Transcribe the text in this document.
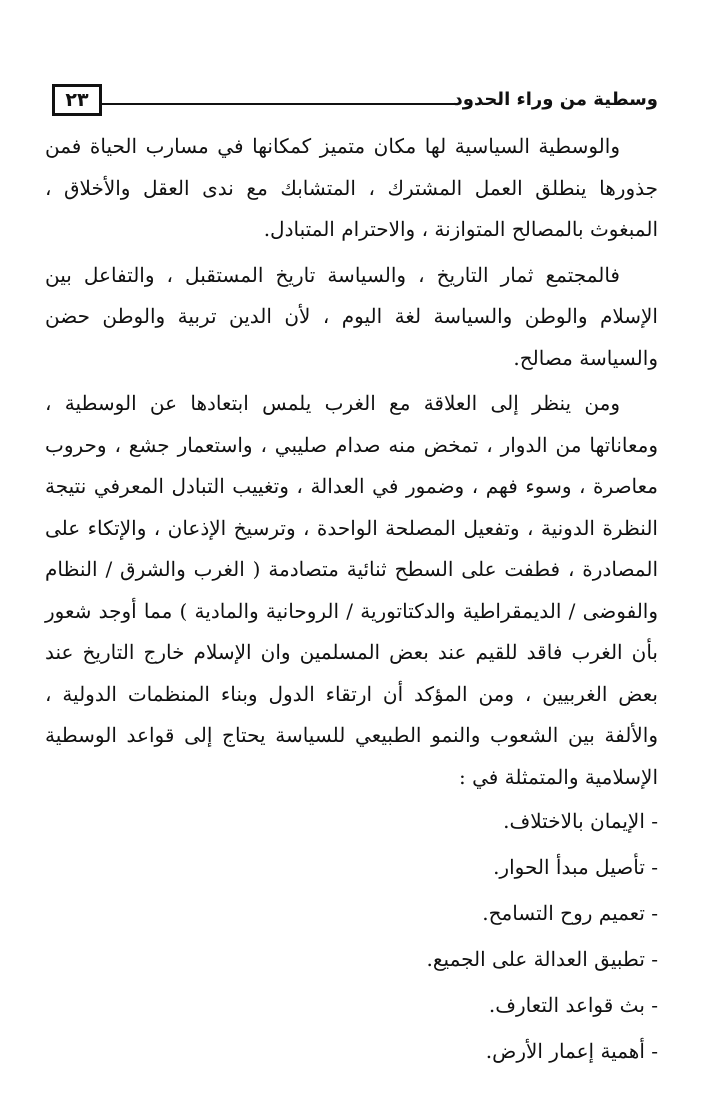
٢٣	وسطية من وراء الحدود

والوسطية السياسية لها مكان متميز كمكانها في مسارب الحياة فمن جذورها ينطلق العمل المشترك ، المتشابك مع ندى العقل والأخلاق ، المبغوث بالمصالح المتوازنة ، والاحترام المتبادل.

فالمجتمع ثمار التاريخ ، والسياسة تاريخ المستقبل ، والتفاعل بين الإسلام والوطن والسياسة لغة اليوم ، لأن الدين تربية والوطن حضن والسياسة مصالح.

ومن ينظر إلى العلاقة مع الغرب يلمس ابتعادها عن الوسطية ، ومعاناتها من الدوار ، تمخض منه صدام صليبي ، واستعمار جشع ، وحروب معاصرة ، وسوء فهم ، وضمور في العدالة ، وتغييب التبادل المعرفي نتيجة النظرة الدونية ، وتفعيل المصلحة الواحدة ، وترسيخ الإذعان ، والإتكاء على المصادرة ، فطفت على السطح ثنائية متصادمة ( الغرب والشرق / النظام والفوضى / الديمقراطية والدكتاتورية / الروحانية والمادية ) مما أوجد شعور بأن الغرب فاقد للقيم عند بعض المسلمين وان الإسلام خارج التاريخ عند بعض الغربيين ، ومن المؤكد أن ارتقاء الدول وبناء المنظمات الدولية ، والألفة بين الشعوب والنمو الطبيعي للسياسة يحتاج إلى قواعد الوسطية الإسلامية والمتمثلة في :

- الإيمان بالاختلاف.
- تأصيل مبدأ الحوار.
- تعميم روح التسامح.
- تطبيق العدالة على الجميع.
- بث قواعد التعارف.
- أهمية إعمار الأرض.
